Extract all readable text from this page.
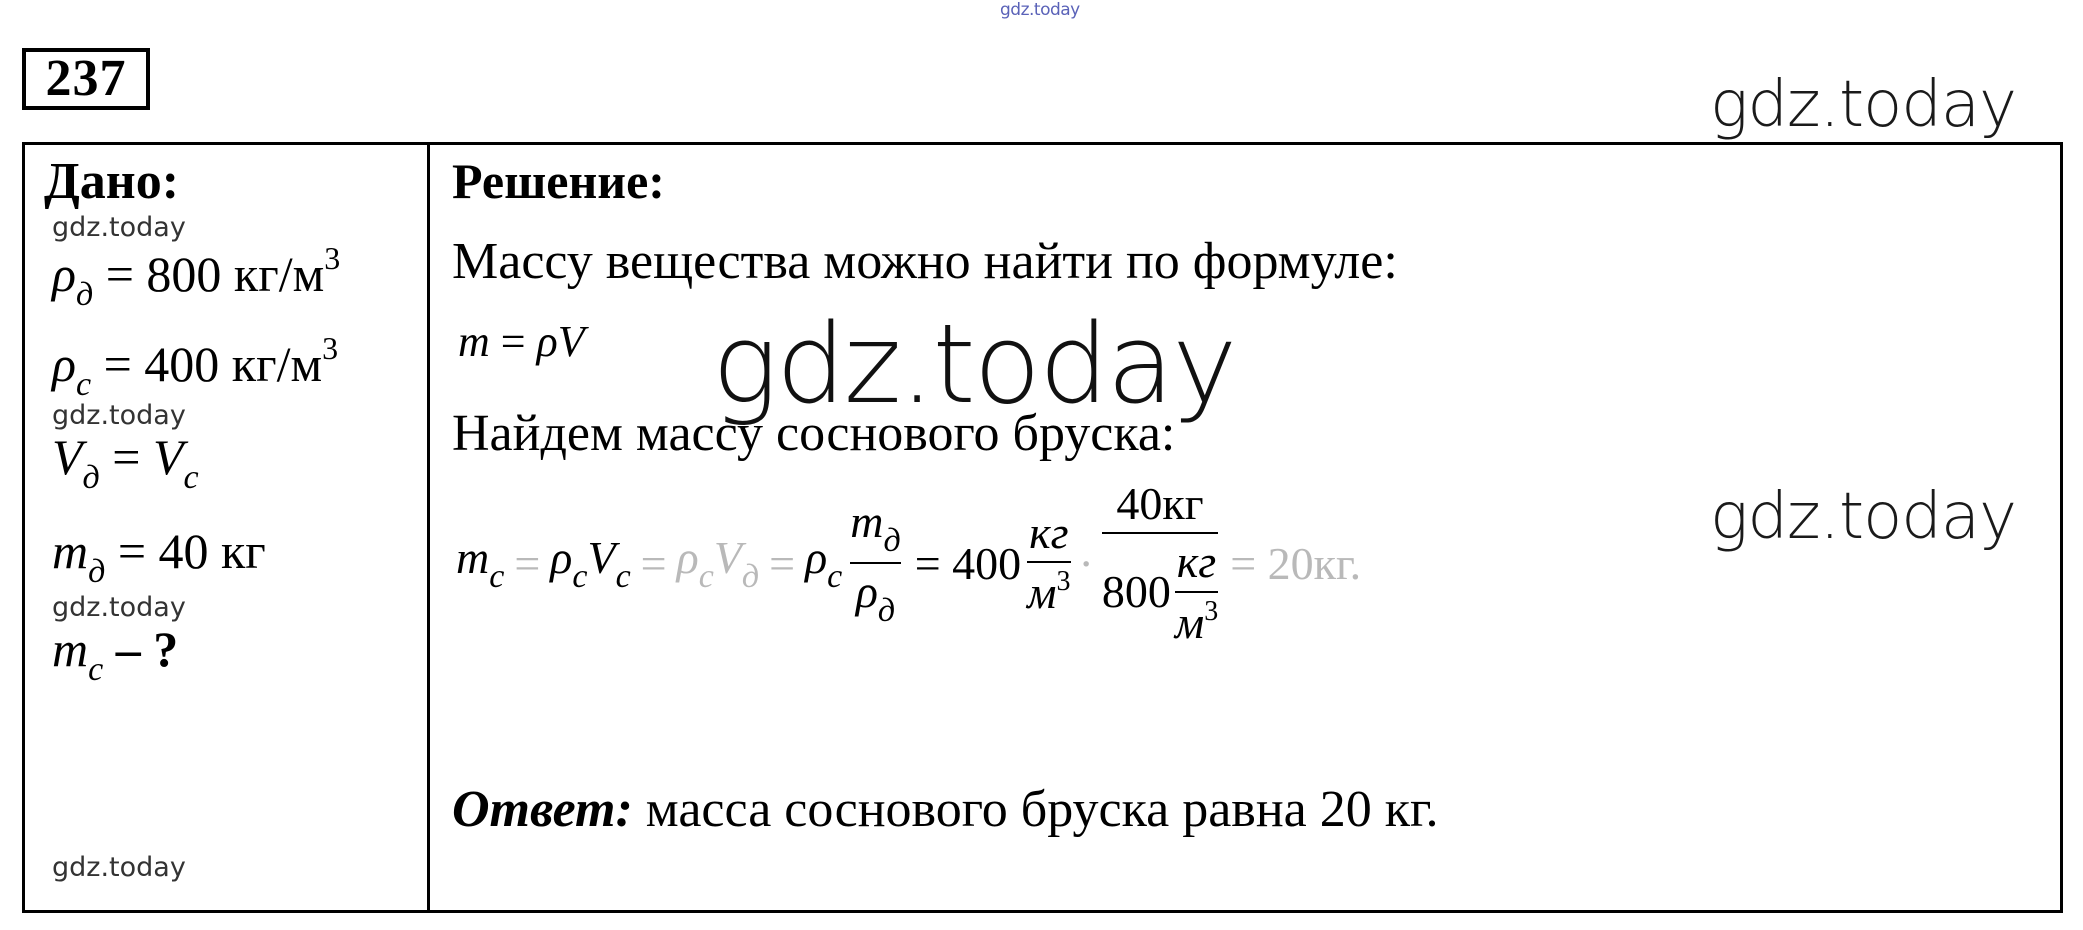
gdz.today
gdz.today
237
Дано:
gdz.today
$\rho_д = 800$ $кг/м^3$
$\rho_с = 400$ $кг/м^3$
gdz.today
$V_д = V_с$
$m_д = 40$ кг
gdz.today
$m_с$ – ?
gdz.today
Решение:
Массу вещества можно найти по формуле:
m = ρV
Найдем массу соснового бруска:
$m_c = \rho_cV_c = \rho_cV_д = \rho_c \frac{m_д}{\rho_д} = 400 \frac{кг}{м^3} \cdot \frac{40кг}{800 \frac{кг}{м^3}} = 20кг$.
Ответ: масса соснового бруска равна 20 кг.
gdz.today
gdz.today
